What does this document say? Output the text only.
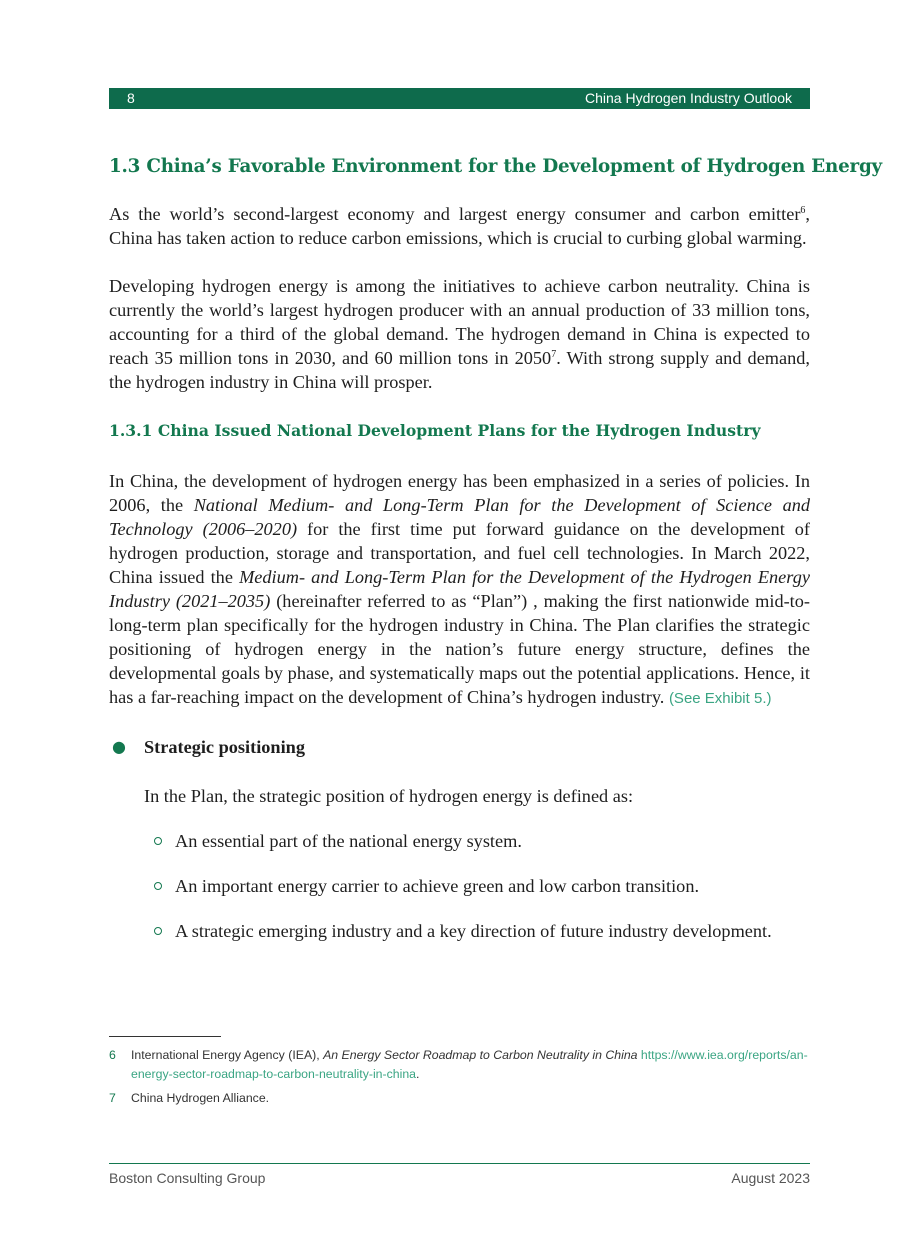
8	China Hydrogen Industry Outlook
1.3 China’s Favorable Environment for the Development of Hydrogen Energy

As the world’s second-largest economy and largest energy consumer and carbon emitter$^6$, China has taken action to reduce carbon emissions, which is crucial to curbing global warming.

Developing hydrogen energy is among the initiatives to achieve carbon neutrality. China is currently the world’s largest hydrogen producer with an annual production of 33 million tons, accounting for a third of the global demand. The hydrogen demand in China is expected to reach 35 million tons in 2030, and 60 million tons in 2050$^7$. With strong supply and demand, the hydrogen industry in China will prosper.

1.3.1 China Issued National Development Plans for the Hydrogen Industry

In China, the development of hydrogen energy has been emphasized in a series of policies. In 2006, the National Medium- and Long-Term Plan for the Development of Science and Technology (2006–2020) for the first time put forward guidance on the development of hydrogen production, storage and transportation, and fuel cell technologies. In March 2022, China issued the Medium- and Long-Term Plan for the Development of the Hydrogen Energy Industry (2021–2035) (hereinafter referred to as “Plan”) , making the first nationwide mid-to-long-term plan specifically for the hydrogen industry in China. The Plan clarifies the strategic positioning of hydrogen energy in the nation’s future energy structure, defines the developmental goals by phase, and systematically maps out the potential applications. Hence, it has a far-reaching impact on the development of China’s hydrogen industry. (See Exhibit 5.)

● Strategic positioning
In the Plan, the strategic position of hydrogen energy is defined as:
An essential part of the national energy system.
An important energy carrier to achieve green and low carbon transition.
A strategic emerging industry and a key direction of future industry development.
6 International Energy Agency (IEA), An Energy Sector Roadmap to Carbon Neutrality in China https://www.iea.org/reports/an-energy-sector-roadmap-to-carbon-neutrality-in-china.
7 China Hydrogen Alliance.
Boston Consulting Group	August 2023
